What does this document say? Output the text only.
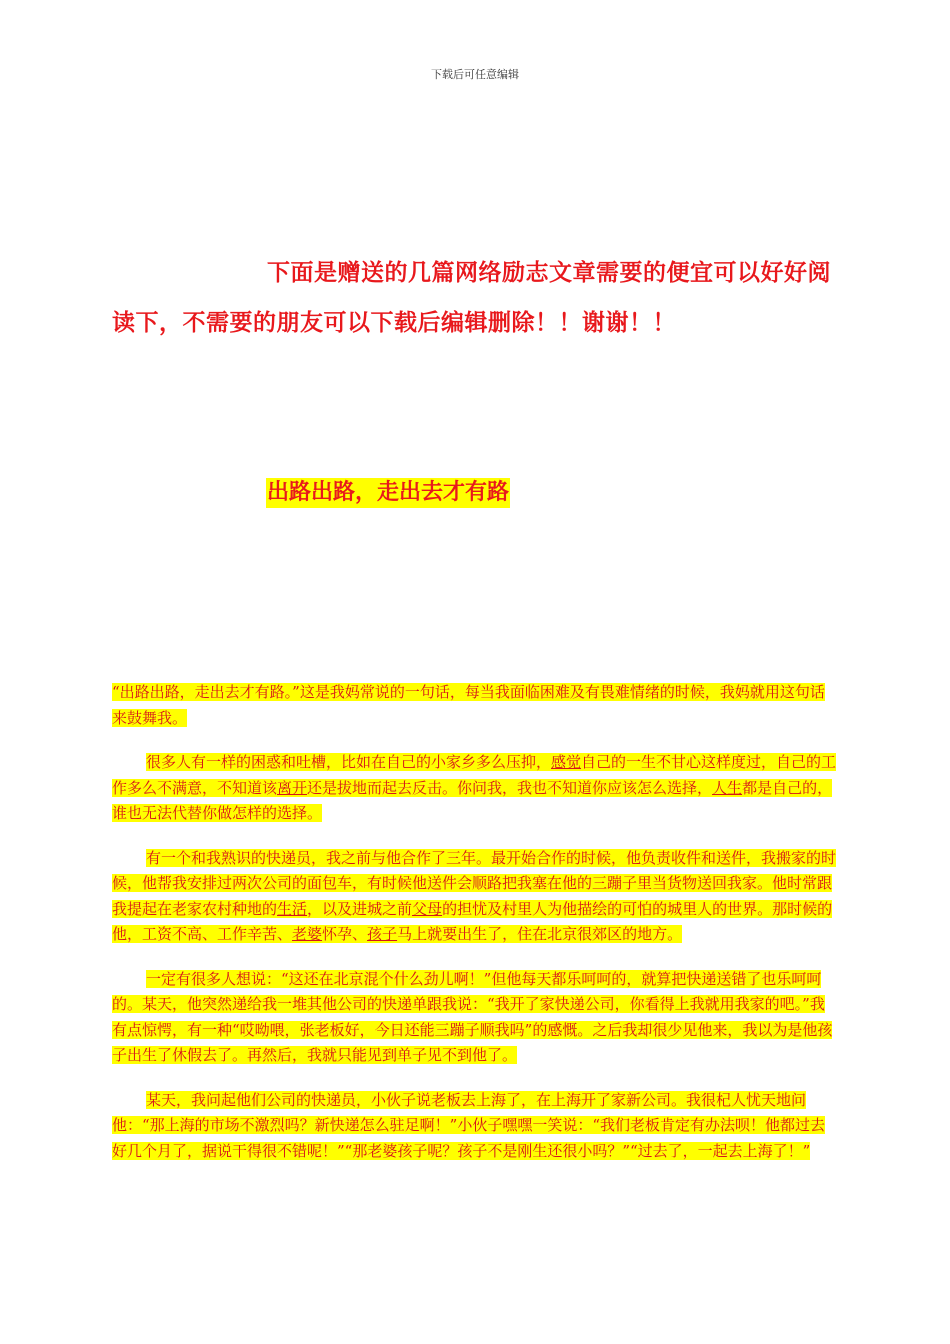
下载后可任意编辑

下面是赠送的几篇网络励志文章需要的便宜可以好好阅读下，不需要的朋友可以下载后编辑删除！！谢谢！！

出路出路，走出去才有路

“出路出路，走出去才有路。”这是我妈常说的一句话，每当我面临困难及有畏难情绪的时候，我妈就用这句话来鼓舞我。

很多人有一样的困惑和吐槽，比如在自己的小家乡多么压抑，感觉自己的一生不甘心这样度过，自己的工作多么不满意，不知道该离开还是拔地而起去反击。你问我，我也不知道你应该怎么选择，人生都是自己的，谁也无法代替你做怎样的选择。

有一个和我熟识的快递员，我之前与他合作了三年。最开始合作的时候，他负责收件和送件，我搬家的时候，他帮我安排过两次公司的面包车，有时候他送件会顺路把我塞在他的三蹦子里当货物送回我家。他时常跟我提起在老家农村种地的生活，以及进城之前父母的担忧及村里人为他描绘的可怕的城里人的世界。那时候的他，工资不高、工作辛苦、老婆怀孕、孩子马上就要出生了，住在北京很郊区的地方。

一定有很多人想说：“这还在北京混个什么劲儿啊！”但他每天都乐呵呵的，就算把快递送错了也乐呵呵的。某天，他突然递给我一堆其他公司的快递单跟我说：“我开了家快递公司，你看得上我就用我家的吧。”我有点惊愕，有一种“哎呦喂，张老板好，今日还能三蹦子顺我吗”的感慨。之后我却很少见他来，我以为是他孩子出生了休假去了。再然后，我就只能见到单子见不到他了。

某天，我问起他们公司的快递员，小伙子说老板去上海了，在上海开了家新公司。我很杞人忧天地问他：“那上海的市场不激烈吗？新快递怎么驻足啊！”小伙子嘿嘿一笑说：“我们老板肯定有办法呗！他都过去好几个月了，据说干得很不错呢！”“那老婆孩子呢？孩子不是刚生还很小吗？”“过去了，一起去上海了！”
